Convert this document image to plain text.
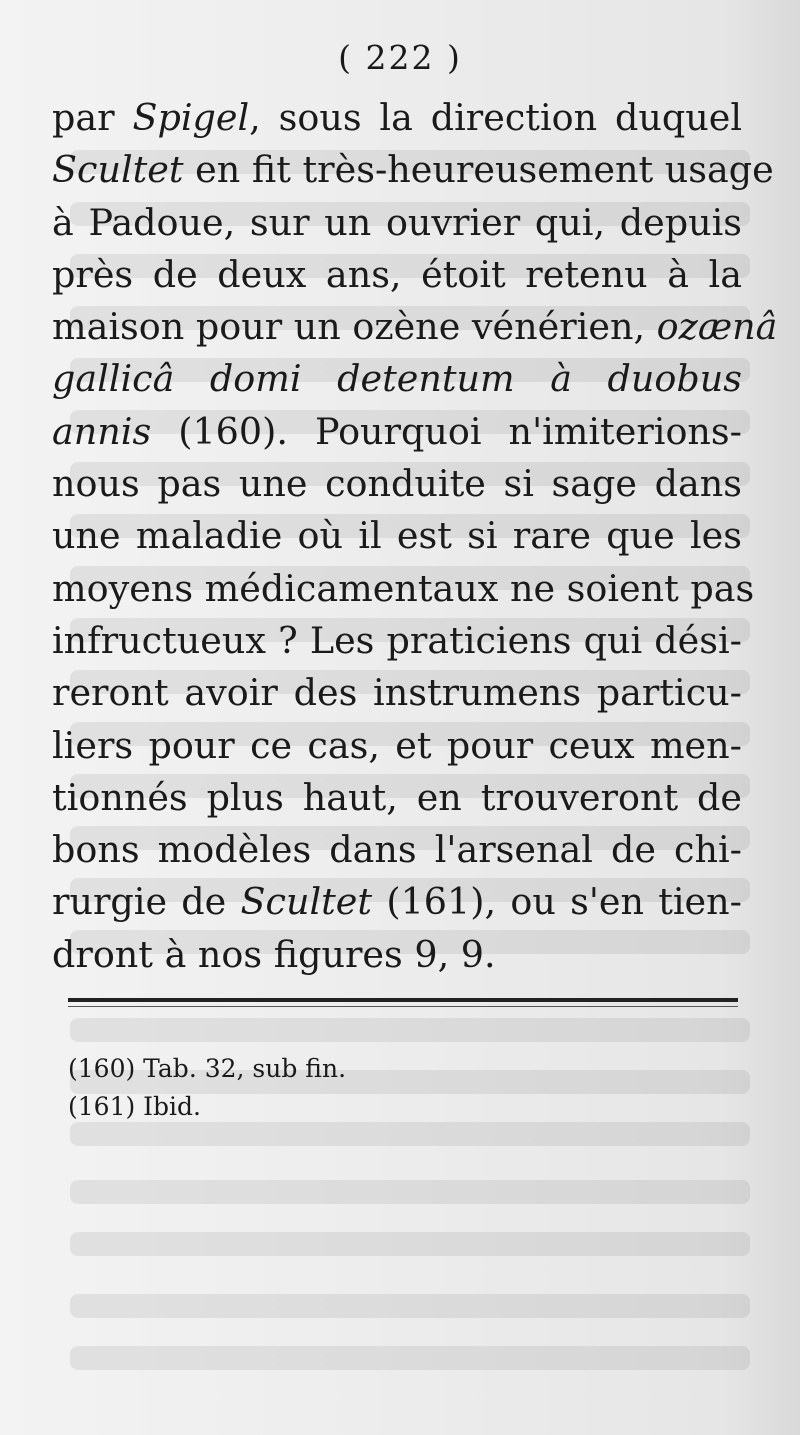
( 222 )
par Spigel, sous la direction duquel
Scultet en fit très-heureusement usage
à Padoue, sur un ouvrier qui, depuis
près de deux ans, étoit retenu à la
maison pour un ozène vénérien, ozænâ
gallicâ domi detentum à duobus
annis (160). Pourquoi n'imiterions-
nous pas une conduite si sage dans
une maladie où il est si rare que les
moyens médicamentaux ne soient pas
infructueux ? Les praticiens qui dési-
reront avoir des instrumens particu-
liers pour ce cas, et pour ceux men-
tionnés plus haut, en trouveront de
bons modèles dans l'arsenal de chi-
rurgie de Scultet (161), ou s'en tien-
dront à nos figures 9, 9.
(160) Tab. 32, sub fin.
(161) Ibid.
